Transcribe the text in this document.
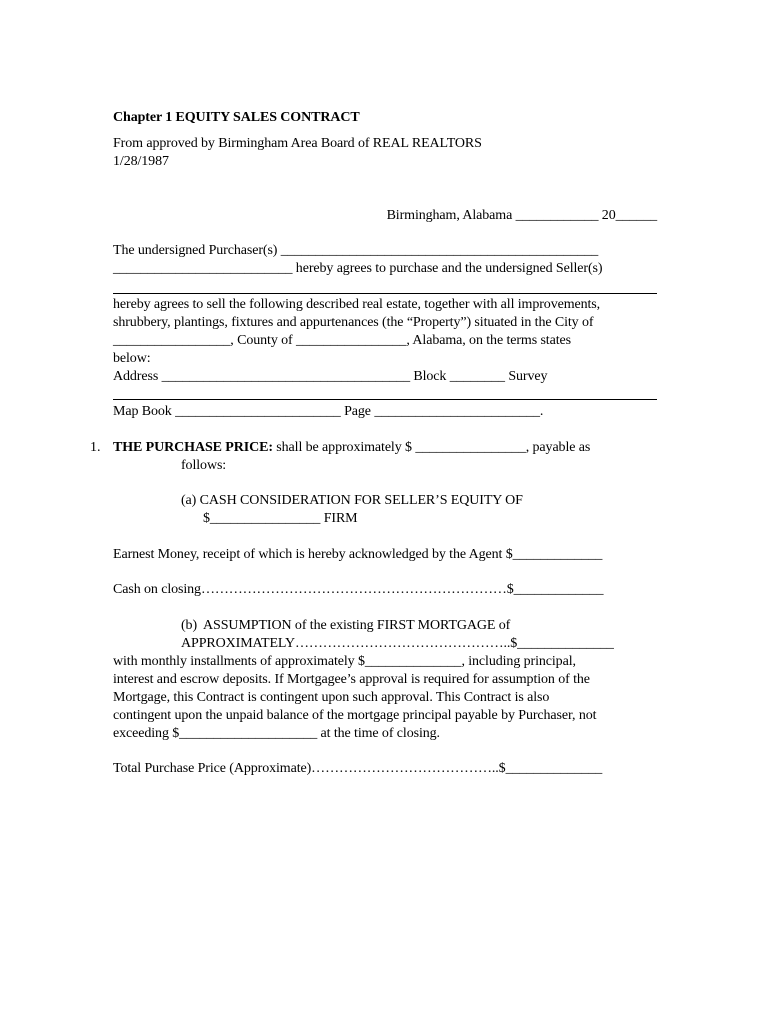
Chapter 1 EQUITY SALES CONTRACT
From approved by Birmingham Area Board of REAL REALTORS
1/28/1987
Birmingham, Alabama ____________ 20______
The undersigned Purchaser(s) ______________________________________________
__________________________ hereby agrees to purchase and the undersigned Seller(s)
hereby agrees to sell the following described real estate, together with all improvements,
shrubbery, plantings, fixtures and appurtenances (the “Property”) situated in the City of
_________________, County of ________________, Alabama, on the terms states
below:
Address ____________________________________ Block ________ Survey
Map Book ________________________ Page ________________________.
1. THE PURCHASE PRICE: shall be approximately $ ________________, payable as
follows:
(a) CASH CONSIDERATION FOR SELLER’S EQUITY OF
$________________ FIRM
Earnest Money, receipt of which is hereby acknowledged by the Agent $_____________
Cash on closing…………………………………………………………$_____________
(b)  ASSUMPTION of the existing FIRST MORTGAGE of
APPROXIMATELY………………………………………..$______________
with monthly installments of approximately $______________, including principal,
interest and escrow deposits. If Mortgagee’s approval is required for assumption of the
Mortgage, this Contract is contingent upon such approval. This Contract is also
contingent upon the unpaid balance of the mortgage principal payable by Purchaser, not
exceeding $____________________ at the time of closing.
Total Purchase Price (Approximate)…………………………………..$______________
